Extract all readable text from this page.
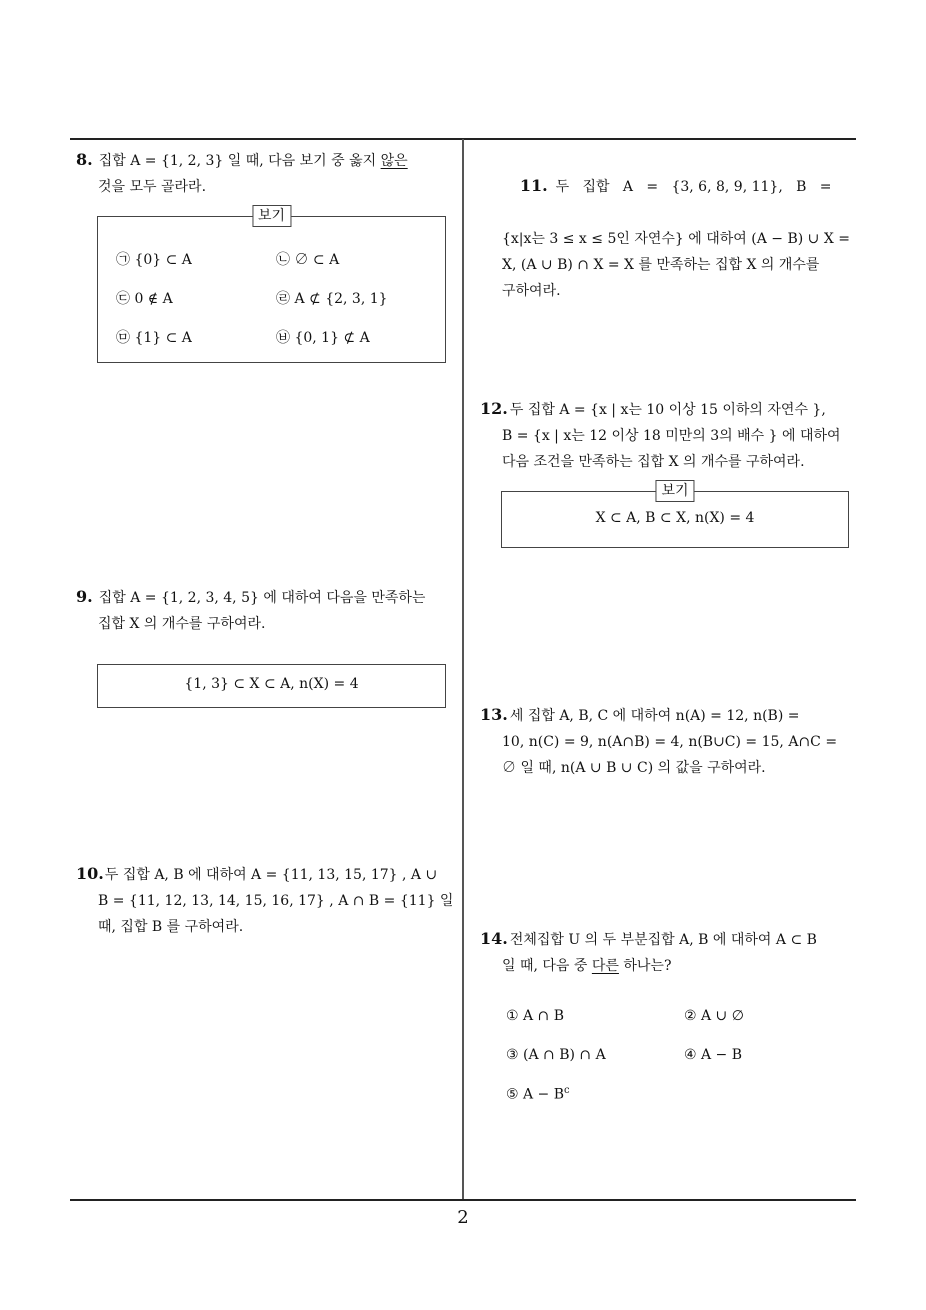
8. 집합 A = {1, 2, 3} 일 때, 다음 보기 중 옳지 않은
것을 모두 골라라.
보기
㉠ {0} ⊂ A	㉡ ∅ ⊂ A
㉢ 0 ∉ A	㉣ A ⊄ {2, 3, 1}
㉤ {1} ⊂ A	㉥ {0, 1} ⊄ A
9. 집합 A = {1, 2, 3, 4, 5} 에 대하여 다음을 만족하는
집합 X 의 개수를 구하여라.
{1, 3} ⊂ X ⊂ A, n(X) = 4
10.두 집합 A, B 에 대하여 A = {11, 13, 15, 17} , A ∪
B = {11, 12, 13, 14, 15, 16, 17} , A ∩ B = {11} 일
때, 집합 B 를 구하여라.

11. 두   집합   A   =   {3, 6, 8, 9, 11},   B   =

{x|x는 3 ≤ x ≤ 5인 자연수} 에 대하여 (A − B) ∪ X =
X, (A ∪ B) ∩ X = X 를 만족하는 집합 X 의 개수를
구하여라.
12. 두 집합 A = {x | x는 10 이상 15 이하의 자연수 },
B = {x | x는 12 이상 18 미만의 3의 배수 } 에 대하여
다음 조건을 만족하는 집합 X 의 개수를 구하여라.
보기
X ⊂ A, B ⊂ X, n(X) = 4
13. 세 집합 A, B, C 에 대하여 n(A) = 12, n(B) =
10, n(C) = 9, n(A∩B) = 4, n(B∪C) = 15, A∩C =
∅ 일 때, n(A ∪ B ∪ C) 의 값을 구하여라.
14. 전체집합 U 의 두 부분집합 A, B 에 대하여 A ⊂ B
일 때, 다음 중 다른 하나는?
① A ∩ B	② A ∪ ∅
③ (A ∩ B) ∩ A	④ A − B
⑤ $A - B^c$
2
